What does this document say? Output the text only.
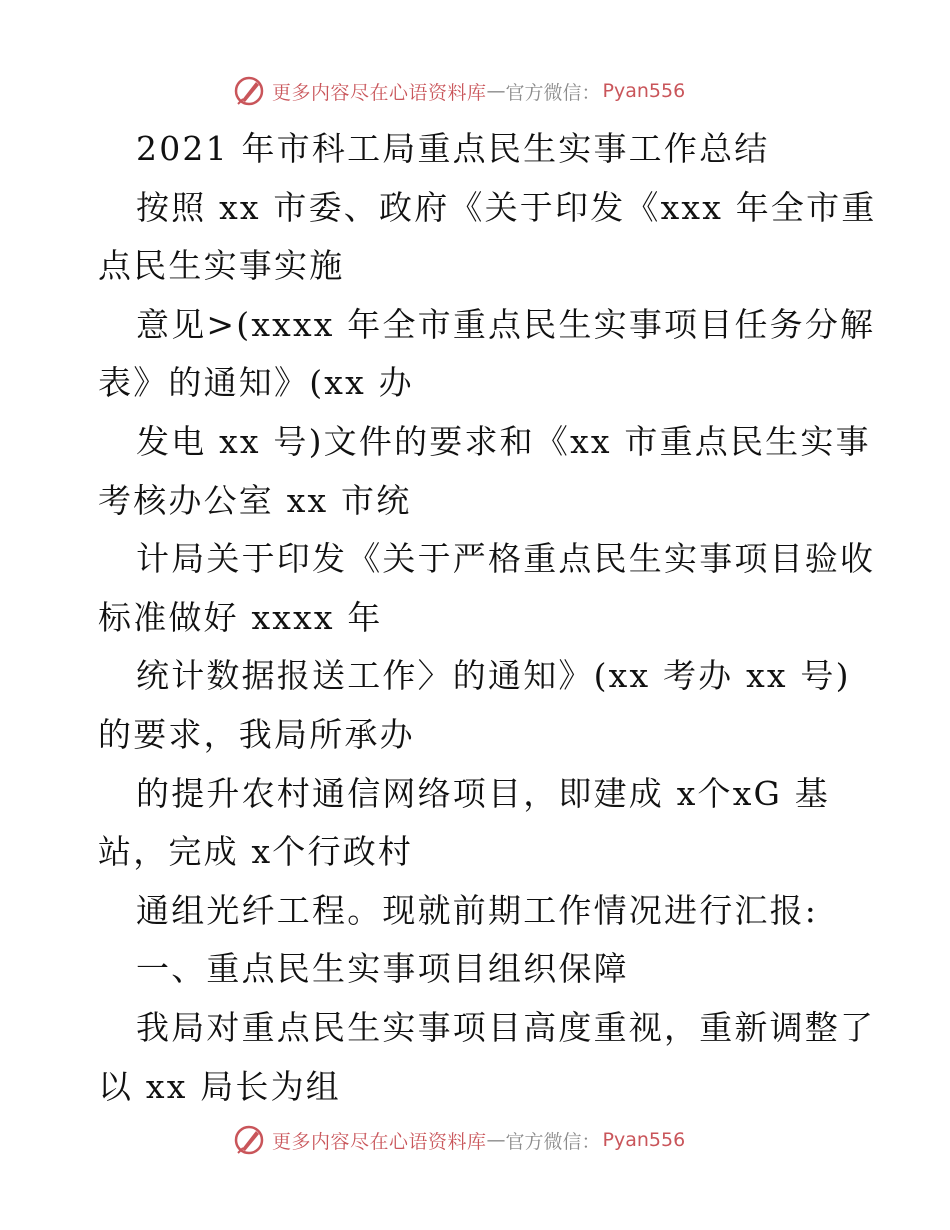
更多内容尽在心语资料库 — 官方微信： Pyan556
2021 年市科工局重点民生实事工作总结
按照 xx 市委、政府《关于印发《xxx 年全市重
点民生实事实施
意见>(xxxx 年全市重点民生实事项目任务分解
表》的通知》(xx 办
发电 xx 号)文件的要求和《xx 市重点民生实事
考核办公室 xx 市统
计局关于印发《关于严格重点民生实事项目验收
标准做好 xxxx 年
统计数据报送工作〉的通知》(xx 考办 xx 号)
的要求，我局所承办
的提升农村通信网络项目，即建成 x个xG 基
站，完成 x个行政村
通组光纤工程。现就前期工作情况进行汇报:
一、重点民生实事项目组织保障
我局对重点民生实事项目高度重视，重新调整了
以 xx 局长为组
更多内容尽在心语资料库 — 官方微信： Pyan556
